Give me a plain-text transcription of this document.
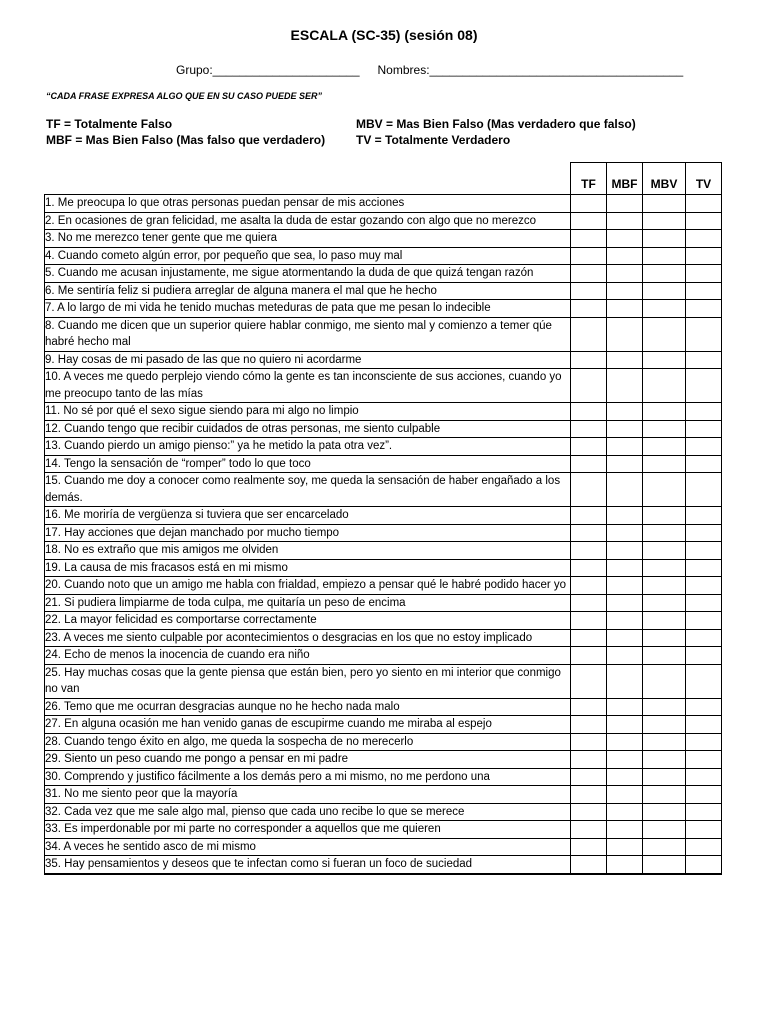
ESCALA (SC-35) (sesión 08)
Grupo:______________________ Nombres:______________________________________
“CADA FRASE EXPRESA ALGO QUE EN SU CASO PUEDE SER”
TF = Totalmente Falso
MBF = Mas Bien Falso (Mas falso que verdadero)
MBV = Mas Bien Falso (Mas verdadero que falso)
TV = Totalmente Verdadero
	TF	MBF	MBV	TV
1. Me preocupa lo que otras personas puedan pensar de mis acciones				
2. En ocasiones de gran felicidad, me asalta la duda de estar gozando con algo que no merezco				
3. No me merezco tener gente que me quiera				
4. Cuando cometo algún error, por pequeño que sea, lo paso muy mal				
5. Cuando me acusan injustamente, me sigue atormentando la duda de que quizá tengan razón				
6. Me sentiría feliz si pudiera arreglar de alguna manera el mal que he hecho				
7. A lo largo de mi vida he tenido muchas meteduras de pata que me pesan lo indecible				
8. Cuando me dicen que un superior quiere hablar conmigo, me siento mal y comienzo a temer qúe habré hecho mal				
9. Hay cosas de mi pasado de las que no quiero ni acordarme				
10. A veces me quedo perplejo viendo cómo la gente es tan inconsciente de sus acciones, cuando yo me preocupo tanto de las mías				
11. No sé por qué el sexo sigue siendo para mi algo no limpio				
12. Cuando tengo que recibir cuidados de otras personas, me siento culpable				
13. Cuando pierdo un amigo pienso:” ya he metido la pata otra vez”.				
14. Tengo la sensación de “romper” todo lo que toco				
15. Cuando me doy a conocer como realmente soy, me queda la sensación de haber engañado a los demás.				
16. Me moriría de vergüenza si tuviera que ser encarcelado				
17. Hay acciones que dejan manchado por mucho tiempo				
18. No es extraño que mis amigos me olviden				
19. La causa de mis fracasos está en mi mismo				
20. Cuando noto que un amigo me habla con frialdad, empiezo a pensar qué le habré podido hacer yo				
21. Si pudiera limpiarme de toda culpa, me quitaría un peso de encima				
22. La mayor felicidad es comportarse correctamente				
23. A veces me siento culpable por acontecimientos o desgracias en los que no estoy implicado				
24. Echo de menos la inocencia de cuando era niño				
25. Hay muchas cosas que la gente piensa que están bien, pero yo siento en mi interior que conmigo no van				
26. Temo que me ocurran desgracias aunque no he hecho nada malo				
27. En alguna ocasión me han venido ganas de escupirme cuando me miraba al espejo				
28. Cuando tengo éxito en algo, me queda la sospecha de no merecerlo				
29. Siento un peso cuando me pongo a pensar en mi padre				
30. Comprendo y justifico fácilmente a los demás pero a mi mismo, no me perdono una				
31. No me siento peor que la mayoría				
32. Cada vez que me sale algo mal, pienso que cada uno recibe lo que se merece				
33. Es imperdonable por mi parte no corresponder a aquellos que me quieren				
34. A veces he sentido asco de mi mismo				
35. Hay pensamientos y deseos que te infectan como si fueran un foco de suciedad				
